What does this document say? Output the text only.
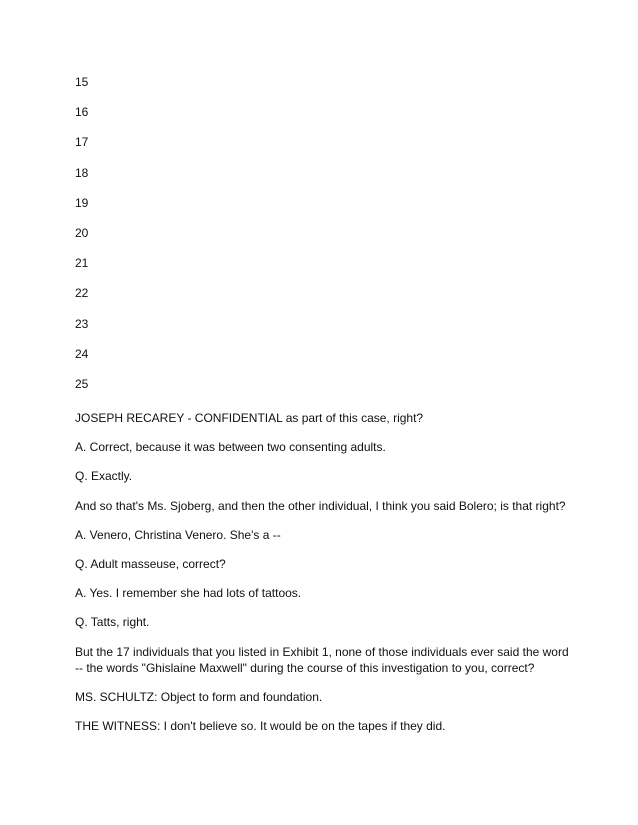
15

16

17

18

19

20

21

22

23

24

25

JOSEPH RECAREY - CONFIDENTIAL as part of this case, right?

A. Correct, because it was between two consenting adults.

Q. Exactly.

And so that's Ms. Sjoberg, and then the other individual, I think you said Bolero; is that right?

A. Venero, Christina Venero. She's a --

Q. Adult masseuse, correct?

A. Yes. I remember she had lots of tattoos.

Q. Tatts, right.

But the 17 individuals that you listed in Exhibit 1, none of those individuals ever said the word -- the words "Ghislaine Maxwell" during the course of this investigation to you, correct?

MS. SCHULTZ: Object to form and foundation.

THE WITNESS: I don't believe so. It would be on the tapes if they did.
